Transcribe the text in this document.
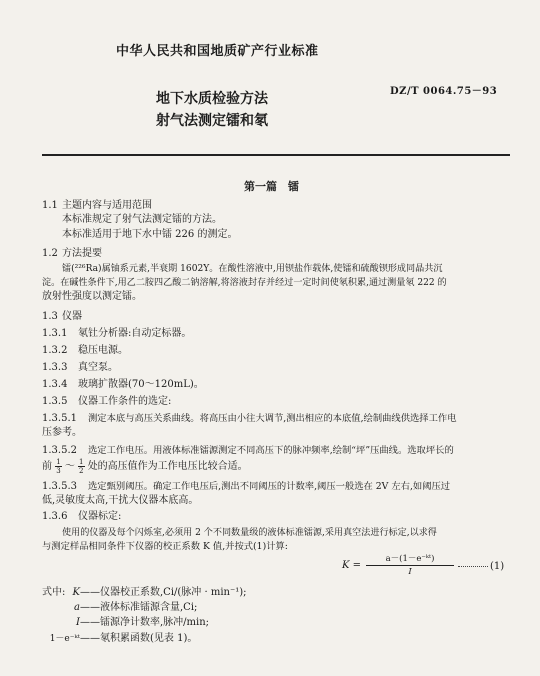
中华人民共和国地质矿产行业标准
地下水质检验方法
射气法测定镭和氡
DZ/T 0064.75－93
第一篇　镭
1.1 主题内容与适用范围
本标准规定了射气法测定镭的方法。
本标准适用于地下水中镭 226 的测定。
1.2 方法提要
镭(²²⁶Ra)属铀系元素,半衰期 1602Y。在酸性溶液中,用钡盐作载体,使镭和硫酸钡形成同晶共沉
淀。在碱性条件下,用乙二胺四乙酸二钠溶解,将溶液封存并经过一定时间使氡积累,通过测量氡 222 的
放射性强度以测定镭。
1.3 仪器
1.3.1 氡钍分析器:自动定标器。
1.3.2 稳压电源。
1.3.3 真空泵。
1.3.4 玻璃扩散器(70～120mL)。
1.3.5 仪器工作条件的选定:
1.3.5.1 测定本底与高压关系曲线。将高压由小往大调节,测出相应的本底值,绘制曲线供选择工作电
压参考。
1.3.5.2 选定工作电压。用液体标准镭源测定不同高压下的脉冲频率,绘制“坪”压曲线。选取坪长的
前 $\frac{1}{3}$ ～ $\frac{1}{2}$ 处的高压值作为工作电压比较合适。
1.3.5.3 选定甄别阈压。确定工作电压后,测出不同阈压的计数率,阈压一般选在 2V 左右,如阈压过
低,灵敏度太高,干扰大仪器本底高。
1.3.6 仪器标定:
使用的仪器及每个闪烁室,必须用 2 个不同数量级的液体标准镭源,采用真空法进行标定,以求得
与测定样品相同条件下仪器的校正系数 K 值,并按式(1)计算:
K =
a－(1－e⁻ᵏᵗ)
I	(1)
式中: K ——仪器校正系数,Ci/(脉冲 · min⁻¹);
a ——液体标准镭源含量,Ci;
I ——镭源净计数率,脉冲/min;
1－e⁻ᵏᵗ ——氡积累函数(见表 1)。
